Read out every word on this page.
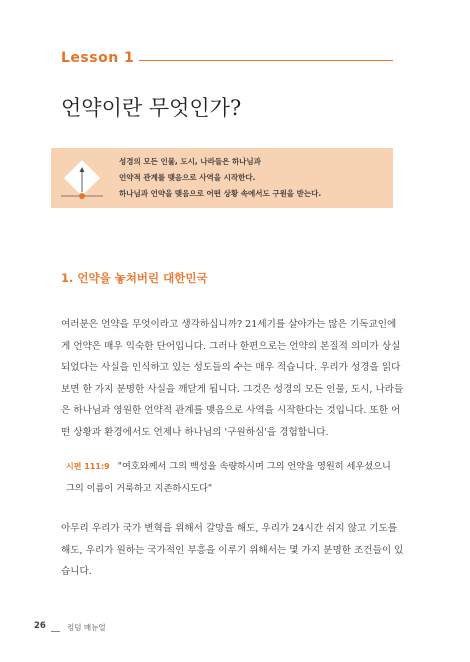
Lesson 1
언약이란 무엇인가?
성경의 모든 인물, 도시, 나라들은 하나님과
언약적 관계를 맺음으로 사역을 시작한다.
하나님과 언약을 맺음으로 어떤 상황 속에서도 구원을 받는다.
1. 언약을 놓쳐버린 대한민국
여러분은 언약을 무엇이라고 생각하십니까? 21세기를 살아가는 많은 기독교인에
게 언약은 매우 익숙한 단어입니다. 그러나 한편으로는 언약의 본질적 의미가 상실
되었다는 사실을 인식하고 있는 성도들의 수는 매우 적습니다. 우리가 성경을 읽다
보면 한 가지 분명한 사실을 깨닫게 됩니다. 그것은 성경의 모든 인물, 도시, 나라들
은 하나님과 영원한 언약적 관계를 맺음으로 사역을 시작한다는 것입니다. 또한 어
떤 상황과 환경에서도 언제나 하나님의 '구원하심'을 경험합니다.
시편 111:9 "여호와께서 그의 백성을 속량하시며 그의 언약을 영원히 세우셨으니
그의 이름이 거룩하고 지존하시도다"
아무리 우리가 국가 변혁을 위해서 갈망을 해도, 우리가 24시간 쉬지 않고 기도를
해도, 우리가 원하는 국가적인 부흥을 이루기 위해서는 몇 가지 분명한 조건들이 있
습니다.
26	킹덤 매뉴얼
